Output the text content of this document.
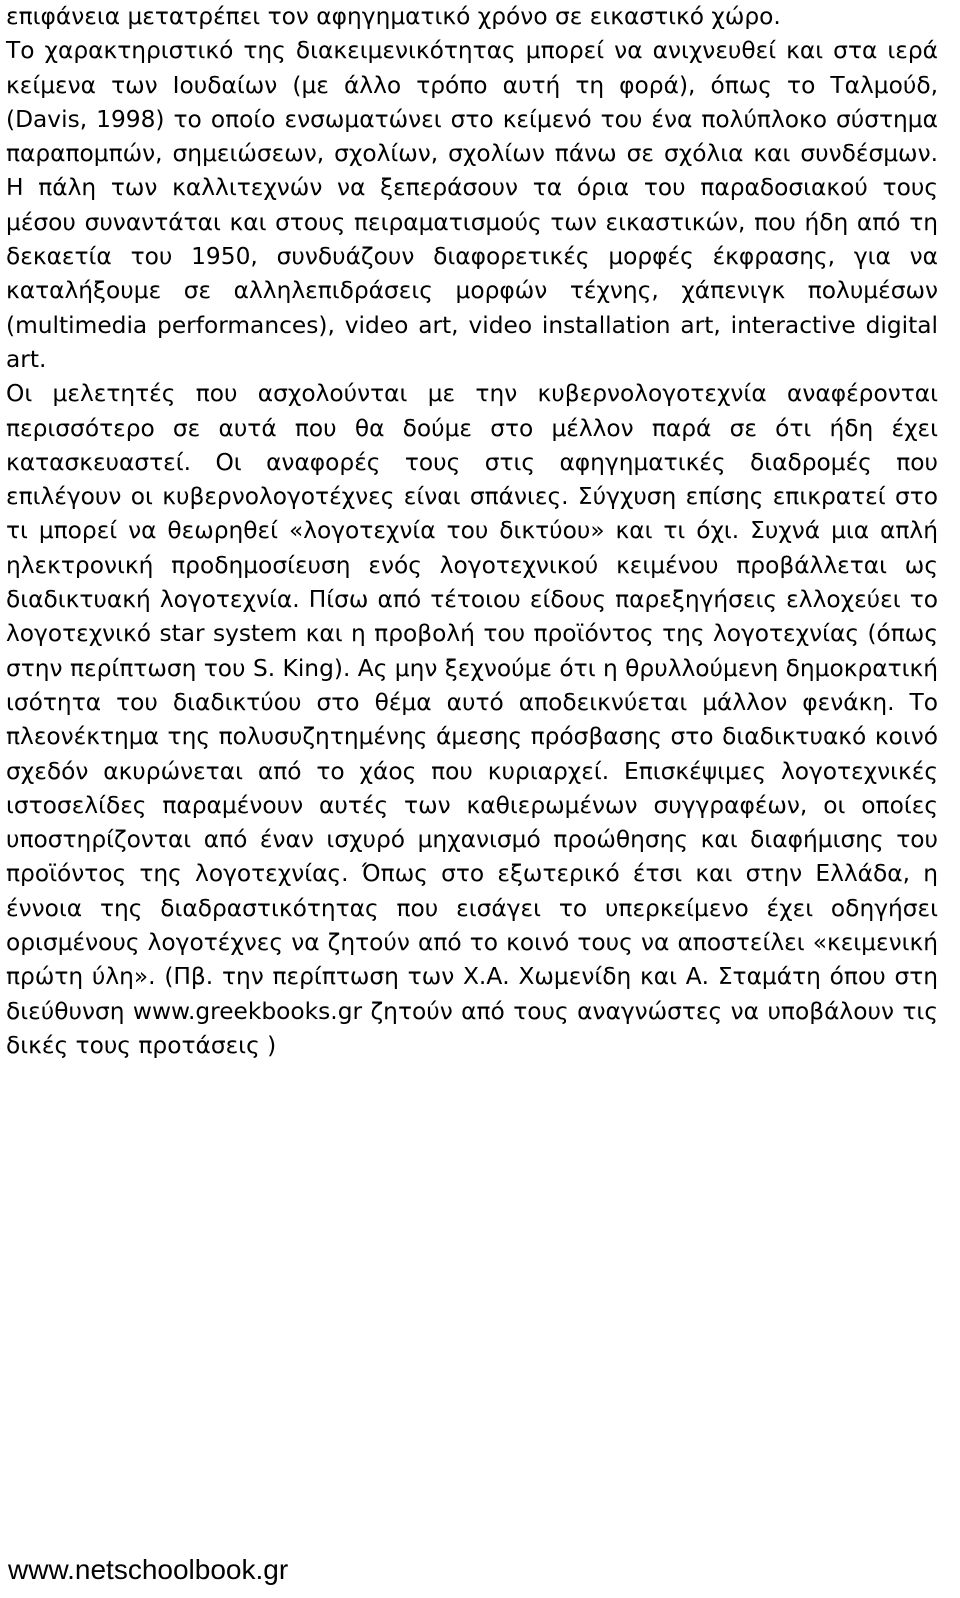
επιφάνεια μετατρέπει τον αφηγηματικό χρόνο σε εικαστικό χώρο.

Το χαρακτηριστικό της διακειμενικότητας μπορεί να ανιχνευθεί και στα ιερά κείμενα των Ιουδαίων (με άλλο τρόπο αυτή τη φορά), όπως το Ταλμούδ, (Davis, 1998) το οποίο ενσωματώνει στο κείμενό του ένα πολύπλοκο σύστημα παραπομπών, σημειώσεων, σχολίων, σχολίων πάνω σε σχόλια και συνδέσμων. Η πάλη των καλλιτεχνών να ξεπεράσουν τα όρια του παραδοσιακού τους μέσου συναντάται και στους πειραματισμούς των εικαστικών, που ήδη από τη δεκαετία του 1950, συνδυάζουν διαφορετικές μορφές έκφρασης, για να καταλήξουμε σε αλληλεπιδράσεις μορφών τέχνης, χάπενιγκ πολυμέσων (multimedia performances), video art, video installation art, interactive digital art.

Οι μελετητές που ασχολούνται με την κυβερνολογοτεχνία αναφέρονται περισσότερο σε αυτά που θα δούμε στο μέλλον παρά σε ότι ήδη έχει κατασκευαστεί. Οι αναφορές τους στις αφηγηματικές διαδρομές που επιλέγουν οι κυβερνολογοτέχνες είναι σπάνιες. Σύγχυση επίσης επικρατεί στο τι μπορεί να θεωρηθεί «λογοτεχνία του δικτύου» και τι όχι. Συχνά μια απλή ηλεκτρονική προδημοσίευση ενός λογοτεχνικού κειμένου προβάλλεται ως διαδικτυακή λογοτεχνία. Πίσω από τέτοιου είδους παρεξηγήσεις ελλοχεύει το λογοτεχνικό star system και η προβολή του προϊόντος της λογοτεχνίας (όπως στην περίπτωση του S. King). Ας μην ξεχνούμε ότι η θρυλλούμενη δημοκρατική ισότητα του διαδικτύου στο θέμα αυτό αποδεικνύεται μάλλον φενάκη. Το πλεονέκτημα της πολυσυζητημένης άμεσης πρόσβασης στο διαδικτυακό κοινό σχεδόν ακυρώνεται από το χάος που κυριαρχεί. Επισκέψιμες λογοτεχνικές ιστοσελίδες παραμένουν αυτές των καθιερωμένων συγγραφέων, οι οποίες υποστηρίζονται από έναν ισχυρό μηχανισμό προώθησης και διαφήμισης του προϊόντος της λογοτεχνίας. Όπως στο εξωτερικό έτσι και στην Ελλάδα, η έννοια της διαδραστικότητας που εισάγει το υπερκείμενο έχει οδηγήσει ορισμένους λογοτέχνες να ζητούν από το κοινό τους να αποστείλει «κειμενική πρώτη ύλη». (Πβ. την περίπτωση των Χ.Α. Χωμενίδη και Α. Σταμάτη όπου στη διεύθυνση www.greekbooks.gr ζητούν από τους αναγνώστες να υποβάλουν τις δικές τους προτάσεις )

www.netschoolbook.gr
